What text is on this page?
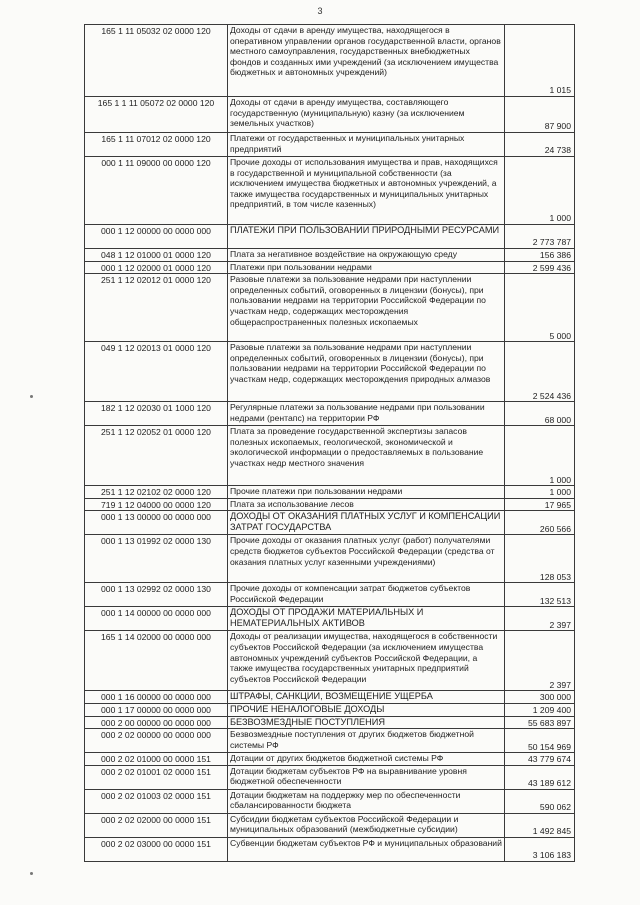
3
165 1 11 05032 02 0000 120	Доходы от сдачи в аренду имущества, находящегося в оперативном управлении органов государственной власти, органов местного самоуправления, государственных внебюджетных фондов и созданных ими учреждений (за исключением имущества бюджетных и автономных учреждений)	1 015
165 1 1 11 05072 02 0000 120	Доходы от сдачи в аренду имущества, составляющего государственную (муниципальную) казну (за исключением земельных участков)	87 900
165 1 11 07012 02 0000 120	Платежи от государственных и муниципальных унитарных предприятий	24 738
000 1 11 09000 00 0000 120	Прочие доходы от использования имущества и прав, находящихся в государственной и муниципальной собственности (за исключением имущества бюджетных и автономных учреждений, а также имущества государственных и муниципальных унитарных предприятий, в том числе казенных)	1 000
000 1 12 00000 00 0000 000	ПЛАТЕЖИ ПРИ ПОЛЬЗОВАНИИ ПРИРОДНЫМИ РЕСУРСАМИ	2 773 787
048 1 12 01000 01 0000 120	Плата за негативное воздействие на окружающую среду	156 386
000 1 12 02000 01 0000 120	Платежи при пользовании недрами	2 599 436
251 1 12 02012 01 0000 120	Разовые платежи за пользование недрами при наступлении определенных событий, оговоренных в лицензии (бонусы), при пользовании недрами на территории Российской Федерации по участкам недр, содержащих месторождения общераспространенных полезных ископаемых	5 000
049 1 12 02013 01 0000 120	Разовые платежи за пользование недрами при наступлении определенных событий, оговоренных в лицензии (бонусы), при пользовании недрами на территории Российской Федерации по участкам недр, содержащих месторождения природных алмазов	2 524 436
182 1 12 02030 01 1000 120	Регулярные платежи за пользование недрами при пользовании недрами (рентапс) на территории РФ	68 000
251 1 12 02052 01 0000 120	Плата за проведение государственной экспертизы запасов полезных ископаемых, геологической, экономической и экологической информации о предоставляемых в пользование участках недр местного значения	1 000
251 1 12 02102 02 0000 120	Прочие платежи при пользовании недрами	1 000
719 1 12 04000 00 0000 120	Плата за использование лесов	17 965
000 1 13 00000 00 0000 000	ДОХОДЫ ОТ ОКАЗАНИЯ ПЛАТНЫХ УСЛУГ И КОМПЕНСАЦИИ ЗАТРАТ ГОСУДАРСТВА	260 566
000 1 13 01992 02 0000 130	Прочие доходы от оказания платных услуг (работ) получателями средств бюджетов субъектов Российской Федерации (средства от оказания платных услуг казенными учреждениями)	128 053
000 1 13 02992 02 0000 130	Прочие доходы от компенсации затрат бюджетов субъектов Российской Федерации	132 513
000 1 14 00000 00 0000 000	ДОХОДЫ ОТ ПРОДАЖИ МАТЕРИАЛЬНЫХ И НЕМАТЕРИАЛЬНЫХ АКТИВОВ	2 397
165 1 14 02000 00 0000 000	Доходы от реализации имущества, находящегося в собственности субъектов Российской Федерации (за исключением имущества автономных учреждений субъектов Российской Федерации, а также имущества государственных унитарных предприятий субъектов Российской Федерации	2 397
000 1 16 00000 00 0000 000	ШТРАФЫ, САНКЦИИ, ВОЗМЕЩЕНИЕ УЩЕРБА	300 000
000 1 17 00000 00 0000 000	ПРОЧИЕ НЕНАЛОГОВЫЕ ДОХОДЫ	1 209 400
000 2 00 00000 00 0000 000	БЕЗВОЗМЕЗДНЫЕ ПОСТУПЛЕНИЯ	55 683 897
000 2 02 00000 00 0000 000	Безвозмездные поступления от других бюджетов бюджетной системы РФ	50 154 969
000 2 02 01000 00 0000 151	Дотации от других бюджетов бюджетной системы РФ	43 779 674
000 2 02 01001 02 0000 151	Дотации бюджетам субъектов РФ на выравнивание уровня бюджетной обеспеченности	43 189 612
000 2 02 01003 02 0000 151	Дотации бюджетам на поддержку мер по обеспеченности сбалансированности бюджета	590 062
000 2 02 02000 00 0000 151	Субсидии бюджетам субъектов Российской Федерации и муниципальных образований (межбюджетные субсидии)	1 492 845
000 2 02 03000 00 0000 151	Субвенции бюджетам субъектов РФ и муниципальных образований	3 106 183
